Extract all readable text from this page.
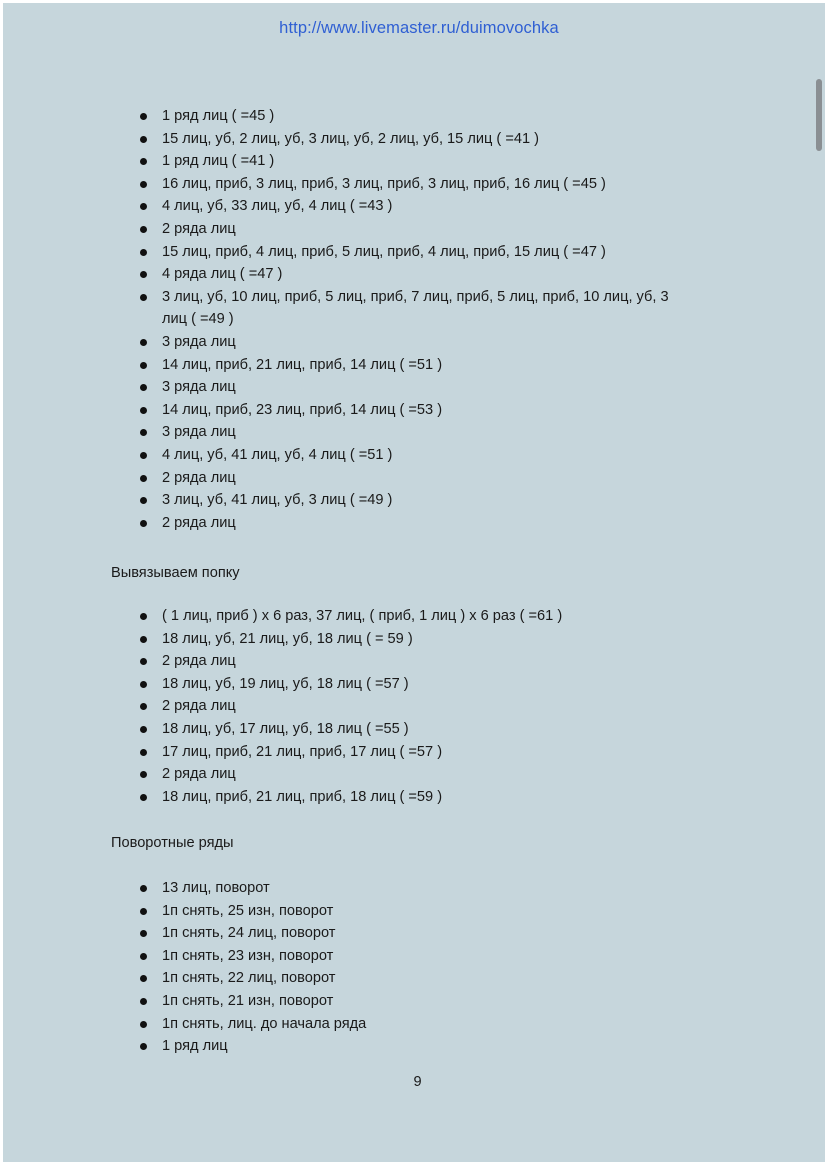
http://www.livemaster.ru/duimovochka
1 ряд лиц ( =45 )
15 лиц, уб, 2 лиц, уб, 3 лиц, уб, 2 лиц, уб, 15 лиц ( =41 )
1 ряд лиц ( =41 )
16 лиц, приб, 3 лиц, приб, 3 лиц, приб, 3 лиц, приб, 16 лиц ( =45 )
4 лиц, уб, 33 лиц, уб, 4 лиц ( =43 )
2 ряда лиц
15 лиц, приб, 4 лиц, приб, 5 лиц, приб, 4 лиц, приб, 15 лиц ( =47 )
4 ряда лиц ( =47 )
3 лиц, уб, 10 лиц, приб, 5 лиц, приб, 7 лиц, приб, 5 лиц, приб, 10 лиц, уб, 3 лиц ( =49 )
3 ряда лиц
14 лиц, приб, 21 лиц, приб, 14 лиц ( =51 )
3 ряда лиц
14 лиц, приб, 23 лиц, приб, 14 лиц ( =53 )
3 ряда лиц
4 лиц, уб, 41 лиц, уб, 4 лиц ( =51 )
2 ряда лиц
3 лиц, уб, 41 лиц, уб, 3 лиц ( =49 )
2 ряда лиц
Вывязываем попку
( 1 лиц, приб ) х 6 раз, 37 лиц, ( приб, 1 лиц ) х 6 раз ( =61 )
18 лиц, уб, 21 лиц, уб, 18 лиц ( = 59 )
2 ряда лиц
18 лиц, уб, 19 лиц, уб, 18 лиц ( =57 )
2 ряда лиц
18 лиц, уб, 17 лиц, уб, 18 лиц ( =55 )
17 лиц, приб, 21 лиц, приб, 17 лиц ( =57 )
2 ряда лиц
18 лиц, приб, 21 лиц, приб, 18 лиц ( =59 )
Поворотные ряды
13 лиц, поворот
1п снять, 25 изн, поворот
1п снять, 24 лиц, поворот
1п снять, 23 изн, поворот
1п снять, 22 лиц, поворот
1п снять, 21 изн, поворот
1п снять, лиц. до начала ряда
1 ряд лиц
9
